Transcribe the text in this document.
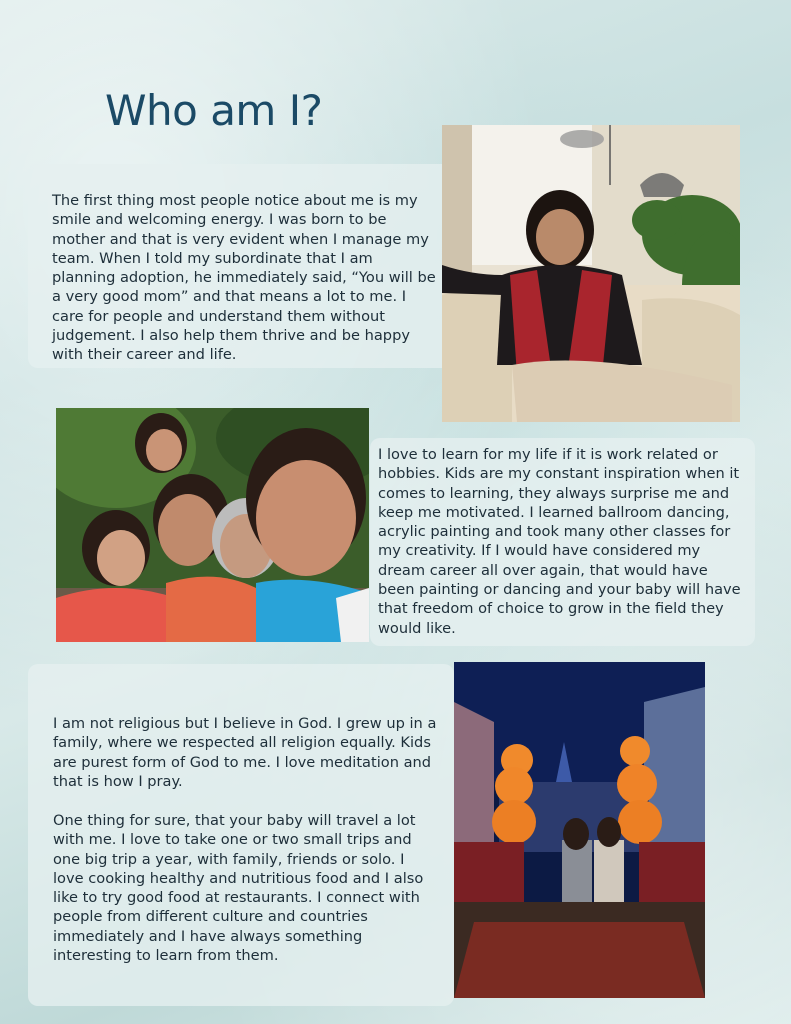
Who am I?

The first thing most people notice about me is my smile and welcoming energy. I was born to be mother and that is very evident when I manage my team. When I told my subordinate that I am planning adoption, he immediately said, “You will be a very good mom” and that means a lot to me. I care for people and understand them without judgement. I also help them thrive and be happy with their career and life.

I love to learn for my life if it is work related or hobbies. Kids are my constant inspiration when it comes to learning, they always surprise me and keep me motivated. I learned ballroom dancing, acrylic painting and took many other classes for my creativity. If I would have considered my dream career all over again, that would have been painting or dancing and your baby will have that freedom of choice to grow in the field they would like.

I am not religious but I believe in God. I grew up in a family, where we respected all religion equally. Kids are purest form of God to me. I love meditation and that is how I pray.

One thing for sure, that your baby will travel a lot with me. I love to take one or two small trips and one big trip a year, with family, friends or solo. I love cooking healthy and nutritious food and I also like to try good food at restaurants. I connect with people from different culture and countries immediately and I have always something interesting to learn from them.
